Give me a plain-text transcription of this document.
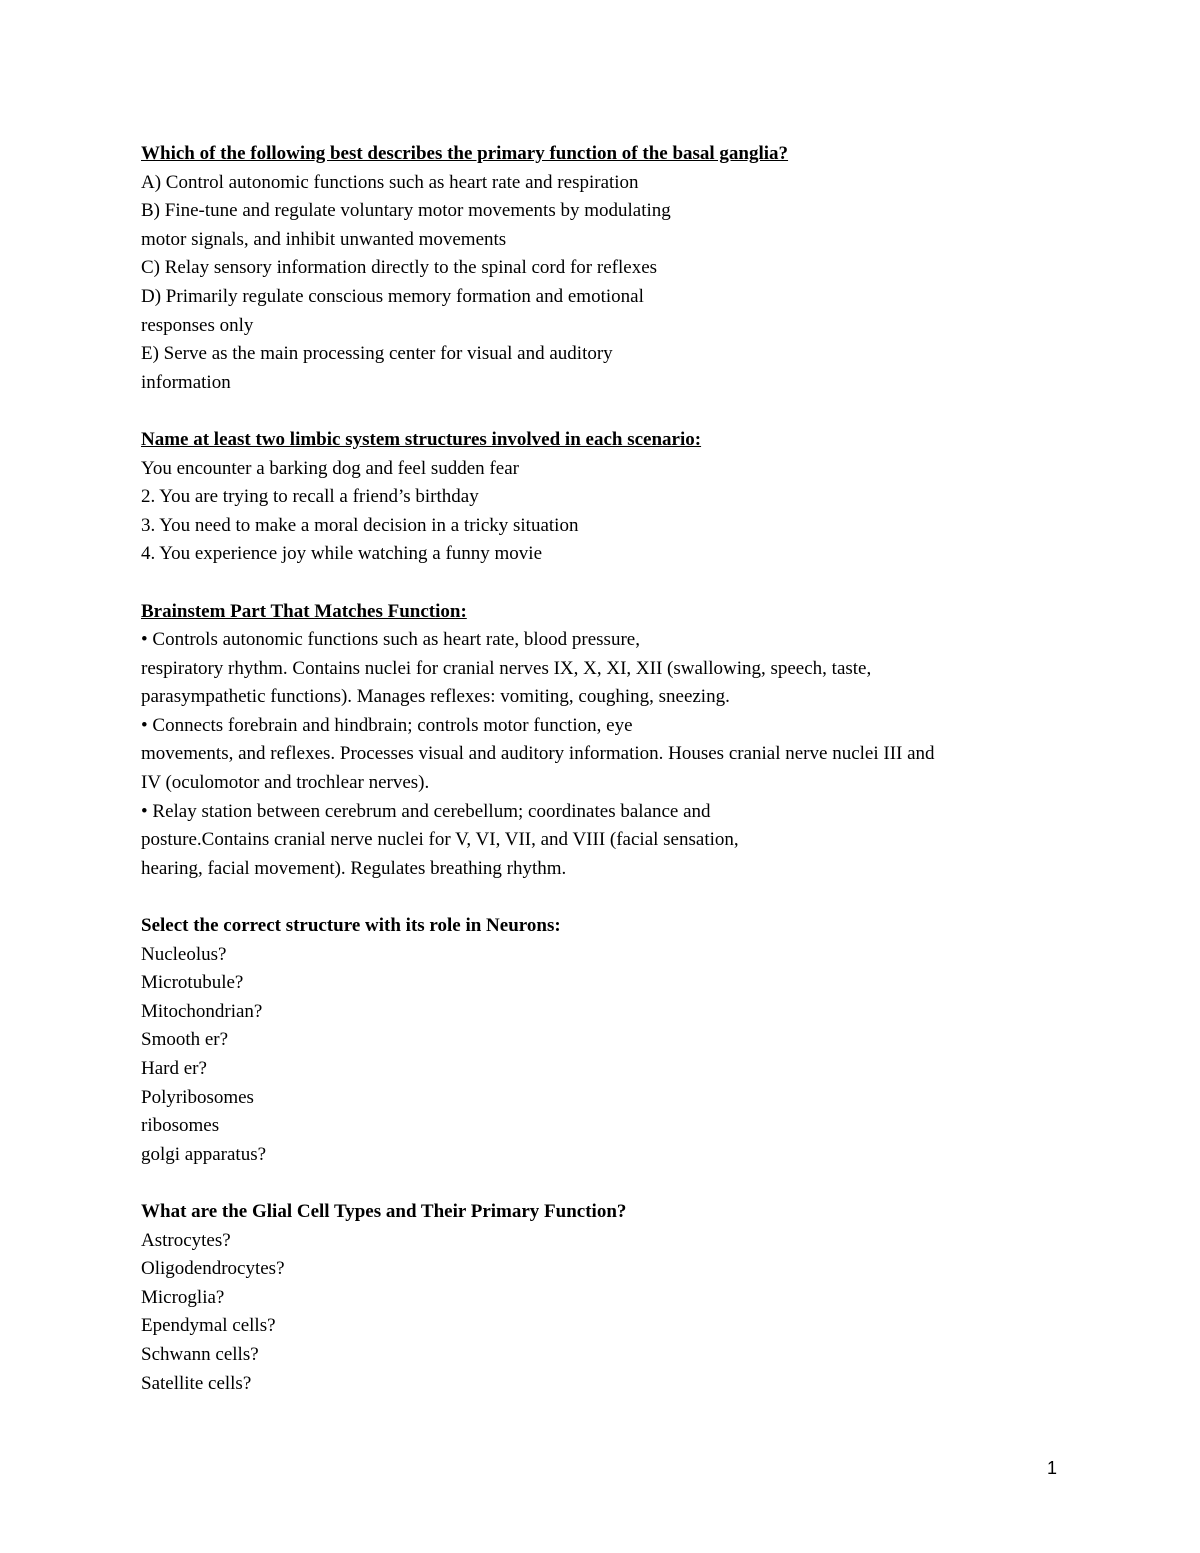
Which of the following best describes the primary function of the basal ganglia?
A) Control autonomic functions such as heart rate and respiration
B) Fine-tune and regulate voluntary motor movements by modulating
motor signals, and inhibit unwanted movements
C) Relay sensory information directly to the spinal cord for reflexes
D) Primarily regulate conscious memory formation and emotional
responses only
E) Serve as the main processing center for visual and auditory
information
Name at least two limbic system structures involved in each scenario:
You encounter a barking dog and feel sudden fear
2. You are trying to recall a friend’s birthday
3. You need to make a moral decision in a tricky situation
4. You experience joy while watching a funny movie
Brainstem Part That Matches Function:
• Controls autonomic functions such as heart rate, blood pressure,
respiratory rhythm. Contains nuclei for cranial nerves IX, X, XI, XII (swallowing, speech, taste,
parasympathetic functions). Manages reflexes: vomiting, coughing, sneezing.
• Connects forebrain and hindbrain; controls motor function, eye
movements, and reflexes. Processes visual and auditory information. Houses cranial nerve nuclei III and
IV (oculomotor and trochlear nerves).
• Relay station between cerebrum and cerebellum; coordinates balance and
posture.Contains cranial nerve nuclei for V, VI, VII, and VIII (facial sensation,
hearing, facial movement). Regulates breathing rhythm.
Select the correct structure with its role in Neurons:
Nucleolus?
Microtubule?
Mitochondrian?
Smooth er?
Hard er?
Polyribosomes
ribosomes
golgi apparatus?
What are the Glial Cell Types and Their Primary Function?
Astrocytes?
Oligodendrocytes?
Microglia?
Ependymal cells?
Schwann cells?
Satellite cells?
1
